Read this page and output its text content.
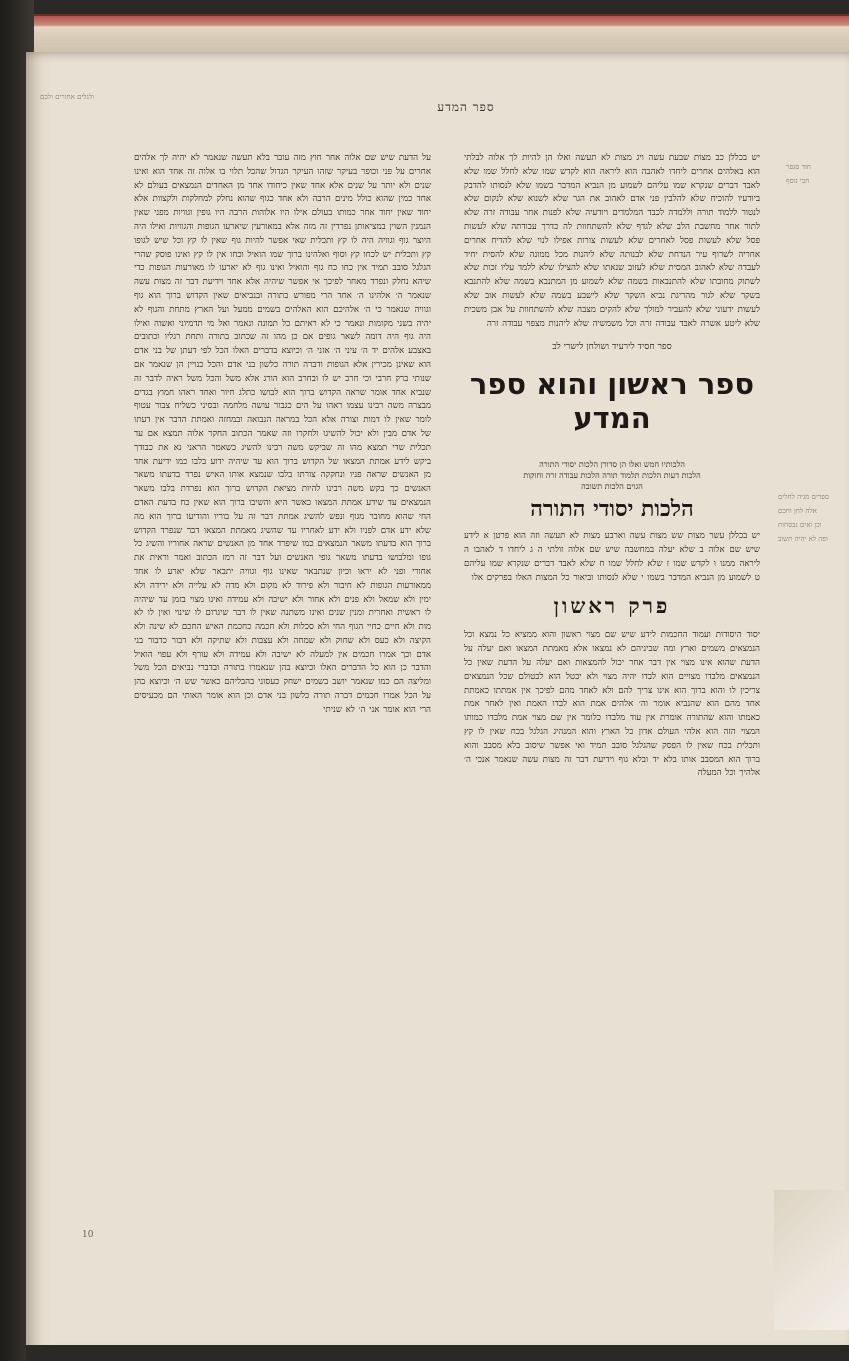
ולגלים אחורים ולכם
חוד סגפר
חבי נוסף
ספרים מגיה לחלים
אלה לחן וחכם
וכן ואים נבסחות
ופה לא יהיה תשוב
ספר המדע

יש בכללן כב מצות שבעת עשה ויג מצות לא תעשה ואלו הן להיות לך אלוה לבלתי הוא באלהים אחרים ליחדו לאהבה הוא ליראה הוא לקדש שמו שלא לחלל שמו שלא לאבד דברים שנקרא שמו עליהם לשמוע מן הנביא המדבר בשמו שלא לנסותו להדבק ביודעיו להוכיח שלא להלבין פני אדם לאהוב את הגר שלא לשנוא שלא לנקום שלא לנטור ללמוד תורה וללמדה לכבד המלמדים ויודעיה שלא לפנות אחר עבודה זרה שלא לתור אחר מחשבת הלב שלא לגדף שלא להשתחוות לה כדרך עבודתה שלא לעשות פסל שלא לעשות פסל לאחרים שלא לעשות צורות אפילו לנוי שלא להדיח אחרים אחריה לשרוף עיר הנדחת שלא לבנותה שלא ליהנות מכל ממונה שלא להסית יחיד לעבדה שלא לאהוב המסית שלא לעזוב שנאתו שלא להצילו שלא ללמד עליו זכות שלא לשתוק מחובתו שלא להתנבאות בשמה שלא לשמוע מן המתנבא בשמה שלא להתנבא בשקר שלא לגור מהריגת נביא השקר שלא לישבע בשמה שלא לעשות אוב שלא לעשות ידעוני שלא להעביר למולך שלא להקים מצבה שלא להשתחוות על אבן משכית שלא ליטע אשרה לאבד עבודה זרה וכל משמשיה שלא ליהנות מצפוי עבודה זרה

ספר חסיד לירעיד ושולחן לישרי לב
ספר ראשון והוא ספר המדע
הלכותיו חמש ואלו הן סדורן הלכות יסודי התורה
הלכות דעות הלכות תלמוד תורה הלכות עבודה זרה וחוקות
הגוים הלכות תשובה
הלכות יסודי התורה

יש בכללן עשר מצות שש מצות עשה וארבע מצות לא תעשה וזה הוא פרטן א לידע שיש שם אלוה ב שלא יעלה במחשבה שיש שם אלוה זולתי ה ג ליחדו ד לאהבו ה ליראה ממנו ו לקדש שמו ז שלא לחלל שמו ח שלא לאבד דברים שנקרא שמו עליהם ט לשמוע מן הנביא המדבר בשמו י שלא לנסותו וביאור כל המצות האלו בפרקים אלו

פרק ראשון

יסוד היסודות ועמוד החכמות לידע שיש שם מצוי ראשון והוא ממציא כל נמצא וכל הנמצאים משמים וארץ ומה שביניהם לא נמצאו אלא מאמתת המצאו ואם יעלה על הדעת שהוא אינו מצוי אין דבר אחר יכול להמצאות ואם יעלה על הדעת שאין כל הנמצאים מלבדו מצויים הוא לבדו יהיה מצוי ולא יבטל הוא לבטולם שכל הנמצאים צריכין לו והוא ברוך הוא אינו צריך להם ולא לאחד מהם לפיכך אין אמתתו כאמתת אחד מהם הוא שהנביא אומר וה׳ אלהים אמת הוא לבדו האמת ואין לאחר אמת כאמתו והוא שהתורה אומרת אין עוד מלבדו כלומר אין שם מצוי אמת מלבדו כמותו המצוי הזה הוא אלהי העולם אדון כל הארץ והוא המנהיג הגלגל בכח שאין לו קץ ותכלית בכח שאין לו הפסק שהגלגל סובב תמיד ואי אפשר שיסוב בלא מסבב והוא ברוך הוא המסבב אותו בלא יד ובלא גוף וידיעת דבר זה מצות עשה שנאמר אנכי ה׳ אלהיך וכל המעלה

על הדעת שיש שם אלוה אחר חוץ מזה עובר בלא תעשה שנאמר לא יהיה לך אלהים אחרים על פני וכופר בעיקר שזהו העיקר הגדול שהכל תלוי בו אלוה זה אחד הוא ואינו שנים ולא יותר על שנים אלא אחד שאין כיחודו אחד מן האחדים הנמצאים בעולם לא אחד כמין שהוא כולל מינים הרבה ולא אחד כגוף שהוא נחלק למחלקות ולקצוות אלא יחוד שאין יחוד אחר כמותו בעולם אילו היו אלוהות הרבה היו גופין וגוויות מפני שאין הנמנין השוין במציאותן נפרדין זה מזה אלא במאורעין שיארעו הגופות והגוויות ואילו היה היוצר גוף וגוויה היה לו קץ ותכלית שאי אפשר להיות גוף שאין לו קץ וכל שיש לגופו קץ ותכלית יש לכחו קץ וסוף ואלהינו ברוך שמו הואיל וכחו אין לו קץ ואינו פוסק שהרי הגלגל סובב תמיד אין כחו כח גוף והואיל ואינו גוף לא יארעו לו מאורעות הגופות כדי שיהא נחלק ונפרד מאחר לפיכך אי אפשר שיהיה אלא אחד וידיעת דבר זה מצות עשה שנאמר ה׳ אלהינו ה׳ אחד הרי מפורש בתורה ובנביאים שאין הקדוש ברוך הוא גוף וגוויה שנאמר כי ה׳ אלהיכם הוא האלהים בשמים ממעל ועל הארץ מתחת והגוף לא יהיה בשני מקומות ונאמר כי לא ראיתם כל תמונה ונאמר ואל מי תדמיוני ואשוה ואילו היה גוף היה דומה לשאר גופים אם כן מהו זה שכתוב בתורה ותחת רגליו וכתובים באצבע אלהים יד ה׳ עיני ה׳ אזני ה׳ וכיוצא בדברים האלו הכל לפי דעתן של בני אדם הוא שאינן מכירין אלא הגופות ודברה תורה כלשון בני אדם והכל כנויין הן שנאמר אם שנותי ברק חרבי וכי חרב יש לו ובחרב הוא הורג אלא משל והכל משל ראיה לדבר זה שנביא אחד אומר שראה הקדוש ברוך הוא לבושו כתלג חיור ואחד ראהו חמוץ בגדים מבצרה משה רבינו עצמו ראהו על הים כגבור עושה מלחמה ובסיני כשליח צבור עטוף לומר שאין לו דמות וצורה אלא הכל במראה הנבואה ובמחזה ואמתת הדבר אין דעתו של אדם מבין ולא יכול להשיגו ולחקרו וזה שאמר הכתוב החקר אלוה תמצא אם עד תכלית שדי תמצא מהו זה שביקש משה רבינו להשיג כשאמר הראני נא את כבודך ביקש לידע אמתת המצאו של הקדוש ברוך הוא עד שיהיה ידוע בלבו כמו ידיעת אחד מן האנשים שראה פניו ונחקקה צורתו בלבו שנמצא אותו האיש נפרד בדעתו משאר האנשים כך בקש משה רבינו להיות מציאת הקדוש ברוך הוא נפרדת בלבו משאר הנמצאים עד שידע אמתת המצאו כאשר היא והשיבו ברוך הוא שאין כח בדעת האדם החי שהוא מחובר מגוף ונפש להשיג אמתת דבר זה על בוריו והודיעו ברוך הוא מה שלא ידע אדם לפניו ולא ידע לאחריו עד שהשיג מאמתת המצאו דבר שנפרד הקדוש ברוך הוא בדעתו משאר הנמצאים כמו שיפרד אחד מן האנשים שראה אחוריו והשיג כל גופו ומלבושו בדעתו משאר גופי האנשים ועל דבר זה רמז הכתוב ואמר וראית את אחורי ופני לא יראו וכיון שנתבאר שאינו גוף וגוויה יתבאר שלא יארע לו אחד ממאורעות הגופות לא חיבור ולא פירוד לא מקום ולא מדה לא עלייה ולא ירידה ולא ימין ולא שמאל ולא פנים ולא אחור ולא ישיבה ולא עמידה ואינו מצוי בזמן עד שיהיה לו ראשית ואחרית ומנין שנים ואינו משתנה שאין לו דבר שיגרום לו שינוי ואין לו לא מות ולא חיים כחיי הגוף החי ולא סכלות ולא חכמה כחכמת האיש החכם לא שינה ולא הקיצה ולא כעס ולא שחוק ולא שמחה ולא עצבות ולא שתיקה ולא דבור כדבור בני אדם וכך אמרו חכמים אין למעלה לא ישיבה ולא עמידה ולא עורף ולא עפוי הואיל והדבר כן הוא כל הדברים האלו וכיוצא בהן שנאמרו בתורה ובדברי נביאים הכל משל ומליצה הם כמו שנאמר יושב בשמים ישחק כעסוני בהבליהם כאשר שש ה׳ וכיוצא בהן על הכל אמרו חכמים דברה תורה כלשון בני אדם וכן הוא אומר האותי הם מכעיסים הרי הוא אומר אני ה׳ לא שניתי

10
